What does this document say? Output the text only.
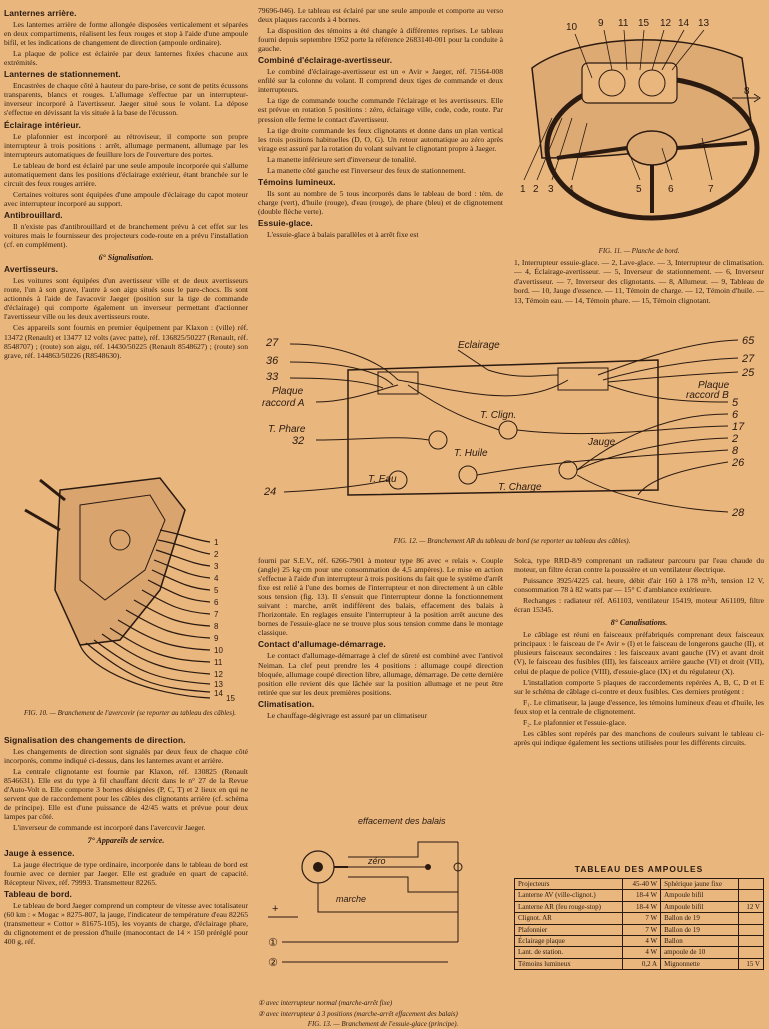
Lanternes arrière.

Les lanternes arrière de forme allongée disposées verticalement et séparées en deux compartiments, réalisent les feux rouges et stop à l'aide d'une ampoule bifil, et les indications de changement de direction (ampoule ordinaire).

La plaque de police est éclairée par deux lanternes fixées chacune aux extrémités.

Lanternes de stationnement.

Encastrées de chaque côté à hauteur du pare-brise, ce sont de petits écussons transparents, blancs et rouges. L'allumage s'effectue par un interrupteur-inverseur incorporé à l'avertisseur. Jaeger situé sous le volant. La dépose s'effectue en dévissant la vis située à la base de l'écusson.

Éclairage intérieur.

Le plafonnier est incorporé au rétroviseur, il comporte son propre interrupteur à trois positions : arrêt, allumage permanent, allumage par les interrupteurs automatiques de feuillure lors de l'ouverture des portes.

Le tableau de bord est éclairé par une seule ampoule incorporée qui s'allume automatiquement dans les positions d'éclairage extérieur, étant branchée sur le circuit des feux rouges arrière.

Certaines voitures sont équipées d'une ampoule d'éclairage du capot moteur avec interrupteur incorporé au support.

Antibrouillard.

Il n'existe pas d'antibrouillard et de branchement prévu à cet effet sur les voitures mais le fournisseur des projecteurs code-route en a prévu l'installation (cf. en complément).

6° Signalisation.
Avertisseurs.

Les voitures sont équipées d'un avertisseur ville et de deux avertisseurs route, l'un à son grave, l'autre à son aigu situés sous le pare-chocs. Ils sont actionnés à l'aide de l'avacovir Jaeger (position sur la tige de commande d'éclairage) qui comporte également un inverseur permettant d'actionner l'avertisseur ville ou les deux avertisseurs route.

Ces appareils sont fournis en premier équipement par Klaxon : (ville) réf. 13472 (Renault) et 13477 12 volts (avec patte), réf. 136825/50227 (Renault, réf. 8548707) ; (route) son aigu, réf. 14430/50225 (Renault 8548627) ; (route) son grave, réf. 144863/50226 (R8548630).

1
2
3
4
5
6
7
8
9
10
11
12
13
14
15
FIG. 10. — Branchement de l'avercovir (se reporter au tableau des câbles).
Signalisation des changements de direction.

Les changements de direction sont signalés par deux feux de chaque côté incorporés, comme indiqué ci-dessus, dans les lanternes avant et arrière.

La centrale clignotante est fournie par Klaxon, réf. 130825 (Renault 8546631). Elle est du type à fil chauffant décrit dans le n° 27 de la Revue d'Auto-Volt n. Elle comporte 3 bornes désignées (P, C, T) et 2 lieux en qui ne servent que de raccordement pour les câbles des clignotants arrière (cf. schéma de principe). Elle est d'une puissance de 42/45 watts et prévue pour deux lampes par côté.

L'inverseur de commande est incorporé dans l'avercovir Jaeger.

7° Appareils de service.
Jauge à essence.

La jauge électrique de type ordinaire, incorporée dans le tableau de bord est fournie avec ce dernier par Jaeger. Elle est graduée en quart de capacité. Récepteur Nivex, réf. 79993. Transmetteur 82265.

Tableau de bord.

Le tableau de bord Jaeger comprend un compteur de vitesse avec totalisateur (60 km : « Mogac » 8275-807, la jauge, l'indicateur de température d'eau 82265 (transmetteur « Cottor » 81675-105), les voyants de charge, d'éclairage phare, du clignotement et de pression d'huile (manocontact de 14 × 150 préréglé pour 400 g, réf.

79696-046). Le tableau est éclairé par une seule ampoule et comporte au verso deux plaques raccords à 4 bornes.

La disposition des témoins a été changée à différentes reprises. Le tableau fourni depuis septembre 1952 porte la référence 2683140-001 pour la conduite à gauche.

Combiné d'éclairage-avertisseur.

Le combiné d'éclairage-avertisseur est un « Avir » Jaeger, réf. 71564-008 enfilé sur la colonne du volant. Il comprend deux tiges de commande et deux interrupteurs.

La tige de commande touche commande l'éclairage et les avertisseurs. Elle est prévue en rotation 5 positions : zéro, éclairage ville, code, code, route. Par pression elle ferme le contact d'avertisseur.

La tige droite commande les feux clignotants et donne dans un plan vertical les trois positions habituelles (D, O, G). Un retour automatique au zéro après virage est assuré par la rotation du volant suivant le clignotant propre à Jaeger.

La manette inférieure sert d'inverseur de tonalité.

La manette côté gauche est l'inverseur des feux de stationnement.

Témoins lumineux.

Ils sont au nombre de 5 tous incorporés dans le tableau de bord : tém. de charge (vert), d'huile (rouge), d'eau (rouge), de phare (bleu) et de clignotement (double flèche verte).

Essuie-glace.

L'essuie-glace à balais parallèles et à arrêt fixe est

10 9 11 15 12 14 13
1 2 3 4	5	6	7
8
FIG. 11. — Planche de bord.
1, Interrupteur essuie-glace. — 2, Lave-glace. — 3, Interrupteur de climatisation. — 4, Éclairage-avertisseur. — 5, Inverseur de stationnement. — 6, Inverseur d'avertisseur. — 7, Inverseur des clignotants. — 8, Allumeur. — 9, Tableau de bord. — 10, Jauge d'essence. — 11, Témoin de charge. — 12, Témoin d'huile. — 13, Témoin eau. — 14, Témoin phare. — 15, Témoin clignotant.
27
36
33
Plaque
raccord A
Eclairage
T. Phare
32
T. Clign.
T. Huile
T. Eau
24	T. Charge
Jauge
65
27
25
Plaque
raccord B
5
6
17
2
8
26
28
FIG. 12. — Branchement AR du tableau de bord (se reporter au tableau des câbles).

fourni par S.E.V., réf. 6266-7901 à moteur type 86 avec « relais ». Couple (angle) 25 kg·cm pour une consommation de 4,5 ampères). Le mise en action s'effectue à l'aide d'un interrupteur à trois positions du fait que le système d'arrêt fixe est relié à l'une des bornes de l'interrupteur et non directement à un câble sous tension (fig. 13). Il s'ensuit que l'interrupteur donne la fonctionnement suivant : marche, arrêt indifférent des balais, effacement des balais à l'horizontale. En reglages ensuite l'interrupteur à la position arrêt aucune des bornes de l'essuie-glace ne se trouve plus sous tension comme dans le montage classique.

Contact d'allumage-démarrage.

Le contact d'allumage-démarrage à clef de sûreté est combiné avec l'antivol Neiman. La clef peut prendre les 4 positions : allumage coupé direction bloquée, allumage coupé direction libre, allumage, démarrage. De cette dernière position elle revient dès que lâchée sur la position allumage et ne peut être retirée que sur les deux premières positions.

Climatisation.

Le chauffage-dégivrage est assuré par un climatiseur

effacement des balais
zéro
marche
①
②
+
① avec interrupteur normal (marche-arrêt fixe)
② avec interrupteur à 3 positions (marche-arrêt effacement des balais)
FIG. 13. — Branchement de l'essuie-glace (principe).

Solca, type RRD-8/9 comprenant un radiateur parcouru par l'eau chaude du moteur, un filtre écran contre la poussière et un ventilateur électrique.

Puissance 3925/4225 cal. heure, débit d'air 160 à 178 m³/h, tension 12 V, consommation 78 à 82 watts par — 15° C d'ambiance extérieure.

Rechanges : radiateur réf. A61103, ventilateur 15419, moteur A61109, filtre écran 15345.

8° Canalisations.

Le câblage est réuni en faisceaux préfabriqués comprenant deux faisceaux principaux : le faisceau de l'« Avir » (I) et le faisceau de longerons gauche (II), et plusieurs faisceaux secondaires : les faisceaux avant gauche (IV) et avant droit (V), le faisceau des fusibles (III), les faisceaux arrière gauche (VI) et droit (VII), celui de plaque de police (VIII), d'essuie-glace (IX) et du régulateur (X).

L'installation comporte 5 plaques de raccordements repérées A, B, C, D et E sur le schéma de câblage ci-contre et deux fusibles. Ces derniers protègent :

F₁. Le climatiseur, la jauge d'essence, les témoins lumineux d'eau et d'huile, les feux stop et la centrale de clignotement.

F₂. Le plafonnier et l'essuie-glace.

Les câbles sont repérés par des manchons de couleurs suivant le tableau ci-après qui indique également les sections utilisées pour les différents circuits.

TABLEAU DES AMPOULES
Projecteurs	45-40 W	Sphérique jaune fixe	
Lanterne AV (ville-clignot.)	18-4 W	Ampoule bifil	
Lanterne AR (feu rouge-stop)	18-4 W	Ampoule bifil	12 V
Clignot. AR	7 W	Ballon de 19	
Plafonnier	7 W	Ballon de 19	
Éclairage plaque	4 W	Ballon	
Lant. de station.	4 W	ampoule de 10	
Témoins lumineux	0,2 A	Mignonnette	15 V
